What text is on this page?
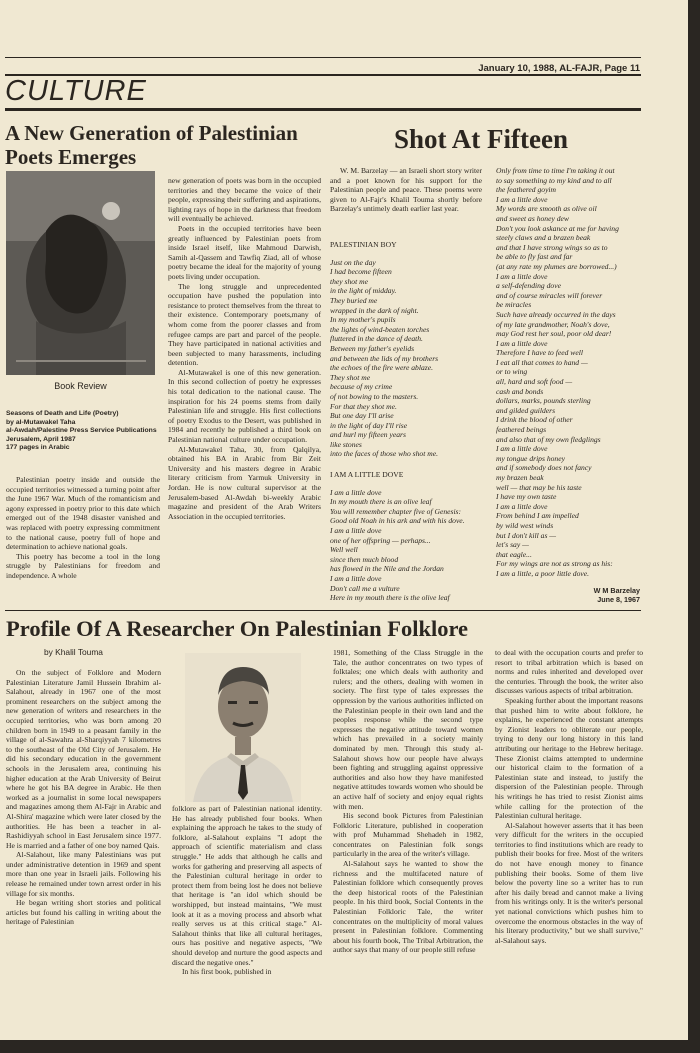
January 10, 1988, AL-FAJR, Page 11
CULTURE
A New Generation of Palestinian Poets Emerges
Book Review
Seasons of Death and Life (Poetry)
by al-Mutawakel Taha
al-Awdah/Palestine Press Service Publications
Jerusalem, April 1987
177 pages in Arabic

Palestinian poetry inside and outside the occupied territories witnessed a turning point after the June 1967 War. Much of the romanticism and agony expressed in poetry prior to this date which emerged out of the 1948 disaster vanished and was replaced with poetry expressing commitment to the national cause, poetry full of hope and determination to achieve national goals.

This poetry has become a tool in the long struggle by Palestinians for freedom and independence. A whole

new generation of poets was born in the occupied territories and they became the voice of their people, expressing their suffering and aspirations, lighting rays of hope in the darkness that freedom will eventually be achieved.

Poets in the occupied territories have been greatly influenced by Palestinian poets from inside Israel itself, like Mahmoud Darwish, Samih al-Qassem and Tawfiq Ziad, all of whose poetry became the ideal for the majority of young poets living under occupation.

The long struggle and unprecedented occupation have pushed the population into resistance to protect themselves from the threat to their existence. Contemporary poets,many of whom come from the poorer classes and from refugee camps are part and parcel of the people. They have participated in national activities and been subjected to many harassments, including detention.

Al-Mutawakel is one of this new generation. In this second collection of poetry he expresses his total dedication to the national cause. The inspiration for his 24 poems stems from daily Palestinian life and struggle. His first collections of poetry Exodus to the Desert, was published in 1984 and recently he published a third book on Palestinian national culture under occupation.

Al-Mutawakel Taha, 30, from Qalqilya, obtained his BA in Arabic from Bir Zeit University and his masters degree in Arabic literary criticism from Yarmuk University in Jordan. He is now cultural supervisor at the Jerusalem-based Al-Awdah bi-weekly Arabic magazine and president of the Arab Writers Association in the occupied territories.

Shot At Fifteen

W. M. Barzelay — an Israeli short story writer and a poet known for his support for the Palestinian people and peace. These poems were given to Al-Fajr's Khalil Touma shortly before Barzelay's untimely death earlier last year.

PALESTINIAN BOY
Just on the day
I had become fifteen
they shot me
in the light of midday.
They buried me
wrapped in the dark of night.
In my mother's pupils
the lights of wind-beaten torches
fluttered in the dance of death.
Between my father's eyelids
and between the lids of my brothers
the echoes of the fire were ablaze.
They shot me
because of my crime
of not bowing to the masters.
For that they shot me.
But one day I'll arise
in the light of day I'll rise
and hurl my fifteen years
like stones
into the faces of those who shot me.
I AM A LITTLE DOVE
I am a little dove
In my mouth there is an olive leaf
You will remember chapter five of Genesis:
Good old Noah in his ark and with his dove.
I am a little dove
one of her offspring — perhaps...
Well well
since then much blood
has flowed in the Nile and the Jordan
I am a little dove
Don't call me a vulture
Here in my mouth there is the olive leaf
Only from time to time I'm taking it out
to say something to my kind and to all
the feathered goyim
I am a little dove
My words are smooth as olive oil
and sweet as honey dew
Don't you look askance at me for having
steely claws and a brazen beak
and that I have strong wings so as to
be able to fly fast and far
(at any rate my plumes are borrowed...)
I am a little dove
a self-defending dove
and of course miracles will forever
be miracles
Such have already occurred in the days
of my late grandmother, Noah's dove,
may God rest her soul, poor old dear!
I am a little dove
Therefore I have to feed well
I eat all that comes to hand —
or to wing
all, hard and soft food —
cash and bonds
dollars, marks, pounds sterling
and gilded guilders
I drink the blood of other
feathered beings
and also that of my own fledglings
I am a little dove
my tongue drips honey
and if somebody does not fancy
my brazen beak
well — that may be his taste
I have my own taste
I am a little dove
From behind I am impelled
by wild west winds
but I don't kill as —
let's say —
that eagle...
For my wings are not as strong as his:
I am a little, a poor little dove.
W M Barzelay
June 8, 1967
Profile Of A Researcher On Palestinian Folklore
by Khalil Touma

On the subject of Folklore and Modern Palestinian Literature Jamil Hussein Ibrahim al-Salahout, already in 1967 one of the most prominent researchers on the subject among the new generation of writers and researchers in the occupied territories, who was born among 20 children born in 1949 to a peasant family in the village of al-Sawahra al-Sharqiyyah 7 kilometres to the southeast of the Old City of Jerusalem. He did his secondary education in the government schools in the Jerusalem area, continuing his higher education at the Arab University of Beirut where he got his BA degree in Arabic. He then worked as a journalist in some local newspapers and magazines among them Al-Fajr in Arabic and Al-Shira' magazine which were later closed by the authorities. He has been a teacher in al-Rashidiyyah school in East Jerusalem since 1977. He is married and a father of one boy named Qais.

Al-Salahout, like many Palestinians was put under administrative detention in 1969 and spent more than one year in Israeli jails. Following his release he remained under town arrest order in his village for six months.

He began writing short stories and political articles but found his calling in writing about the heritage of Palestinian

folklore as part of Palestinian national identity. He has already published four books. When explaining the approach he takes to the study of folklore, al-Salahout explains "I adopt the approach of scientific materialism and class struggle." He adds that although he calls and works for gathering and preserving all aspects of the Palestinian cultural heritage in order to protect them from being lost he does not believe that heritage is "an idol which should be worshipped, but instead maintains, "We must look at it as a moving process and absorb what really serves us at this critical stage." Al-Salahout thinks that like all cultural heritages, ours has positive and negative aspects, "We should develop and nurture the good aspects and discard the negative ones."

In his first book, published in

1981, Something of the Class Struggle in the Tale, the author concentrates on two types of folktales; one which deals with authority and rulers; and the others, dealing with women in society. The first type of tales expresses the oppression by the various authorities inflicted on the Palestinian people in their own land and the peoples response while the second type expresses the negative attitude toward women which has prevailed in a society mainly dominated by men. Through this study al-Salahout shows how our people have always been fighting and struggling against oppressive authorities and also how they have manifested negative attitudes towards women who should be an active half of society and enjoy equal rights with men.

His second book Pictures from Palestinian Folkloric Literature, published in cooperation with prof Muhammad Shehadeh in 1982, concentrates on Palestinian folk songs particularly in the area of the writer's village.

Al-Salahout says he wanted to show the richness and the multifaceted nature of Palestinian folklore which consequently proves the deep historical roots of the Palestinian people. In his third book, Social Contents in the Palestinian Folkloric Tale, the writer concentrates on the multiplicity of moral values present in Palestinian folklore. Commenting about his fourth book, The Tribal Arbitration, the author says that many of our people still refuse

to deal with the occupation courts and prefer to resort to tribal arbitration which is based on norms and rules inherited and developed over the centuries. Through the book, the writer also discusses various aspects of tribal arbitration.

Speaking further about the important reasons that pushed him to write about folklore, he explains, he experienced the constant attempts by Zionist leaders to obliterate our people, trying to deny our long history in this land attributing our heritage to the Hebrew heritage. These Zionist claims attempted to undermine our historical claim to the formation of a Palestinian state and instead, to justify the dispersion of the Palestinian people. Through his writings he has tried to resist Zionist aims while calling for the protection of the Palestinian cultural heritage.

Al-Salahout however asserts that it has been very difficult for the writers in the occupied territories to find institutions which are ready to publish their books for free. Most of the writers do not have enough money to finance publishing their books. Some of them live below the poverty line so a writer has to run after his daily bread and cannot make a living from his writings only. It is the writer's personal yet national convictions which pushes him to overcome the enormous obstacles in the way of his literary productivity," but we shall survive," al-Salahout says.
